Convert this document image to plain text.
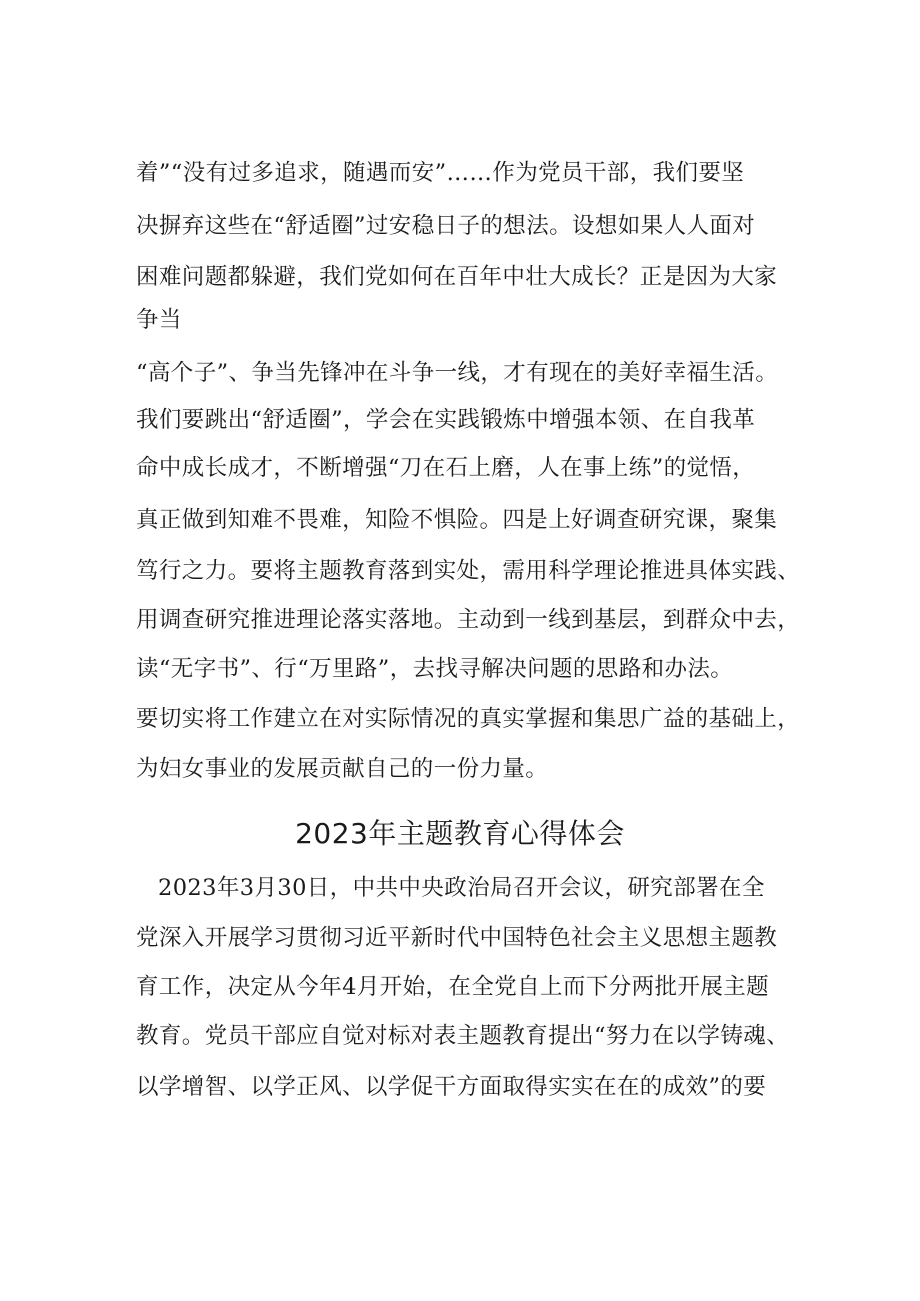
着”“没有过多追求，随遇而安”……作为党员干部，我们要坚
决摒弃这些在“舒适圈”过安稳日子的想法。设想如果人人面对
困难问题都躲避，我们党如何在百年中壮大成长？正是因为大家
争当
“高个子”、争当先锋冲在斗争一线，才有现在的美好幸福生活。
我们要跳出“舒适圈”，学会在实践锻炼中增强本领、在自我革
命中成长成才，不断增强“刀在石上磨，人在事上练”的觉悟，
真正做到知难不畏难，知险不惧险。四是上好调查研究课，聚集
笃行之力。要将主题教育落到实处，需用科学理论推进具体实践、
用调查研究推进理论落实落地。主动到一线到基层，到群众中去，
读“无字书”、行“万里路”，去找寻解决问题的思路和办法。
要切实将工作建立在对实际情况的真实掌握和集思广益的基础上，
为妇女事业的发展贡献自己的一份力量。
2023年主题教育心得体会
2023年3月30日，中共中央政治局召开会议，研究部署在全
党深入开展学习贯彻习近平新时代中国特色社会主义思想主题教
育工作，决定从今年4月开始，在全党自上而下分两批开展主题
教育。党员干部应自觉对标对表主题教育提出“努力在以学铸魂、
以学增智、以学正风、以学促干方面取得实实在在的成效”的要
